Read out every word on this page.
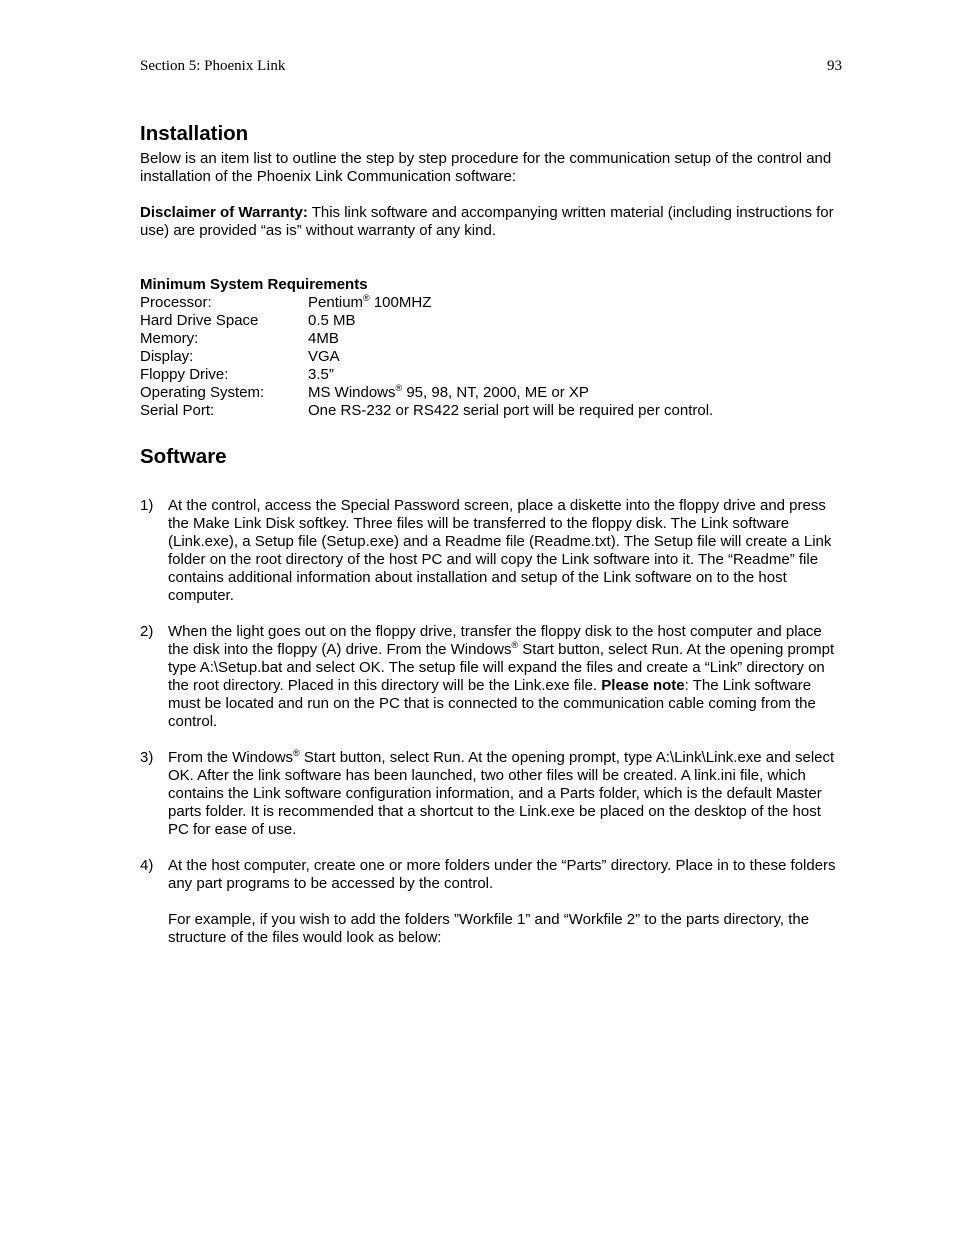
Section 5: Phoenix Link	93
Installation

Below is an item list to outline the step by step procedure for the communication setup of the control and installation of the Phoenix Link Communication software:

Disclaimer of Warranty: This link software and accompanying written material (including instructions for use) are provided “as is” without warranty of any kind.

Minimum System Requirements
Processor:	Pentium® 100MHZ
Hard Drive Space	0.5 MB
Memory:	4MB
Display:	VGA
Floppy Drive:	3.5”
Operating System:	MS Windows® 95, 98, NT, 2000, ME or XP
Serial Port:	One RS-232 or RS422 serial port will be required per control.
Software
1) At the control, access the Special Password screen, place a diskette into the floppy drive and press the Make Link Disk softkey. Three files will be transferred to the floppy disk. The Link software (Link.exe), a Setup file (Setup.exe) and a Readme file (Readme.txt). The Setup file will create a Link folder on the root directory of the host PC and will copy the Link software into it. The “Readme” file contains additional information about installation and setup of the Link software on to the host computer.

2) When the light goes out on the floppy drive, transfer the floppy disk to the host computer and place the disk into the floppy (A) drive. From the Windows® Start button, select Run. At the opening prompt type A:\Setup.bat and select OK. The setup file will expand the files and create a “Link” directory on the root directory. Placed in this directory will be the Link.exe file. Please note: The Link software must be located and run on the PC that is connected to the communication cable coming from the control.

3) From the Windows® Start button, select Run. At the opening prompt, type A:\Link\Link.exe and select OK. After the link software has been launched, two other files will be created. A link.ini file, which contains the Link software configuration information, and a Parts folder, which is the default Master parts folder. It is recommended that a shortcut to the Link.exe be placed on the desktop of the host PC for ease of use.

4) At the host computer, create one or more folders under the “Parts” directory. Place in to these folders any part programs to be accessed by the control.

For example, if you wish to add the folders ”Workfile 1” and “Workfile 2” to the parts directory, the structure of the files would look as below:
